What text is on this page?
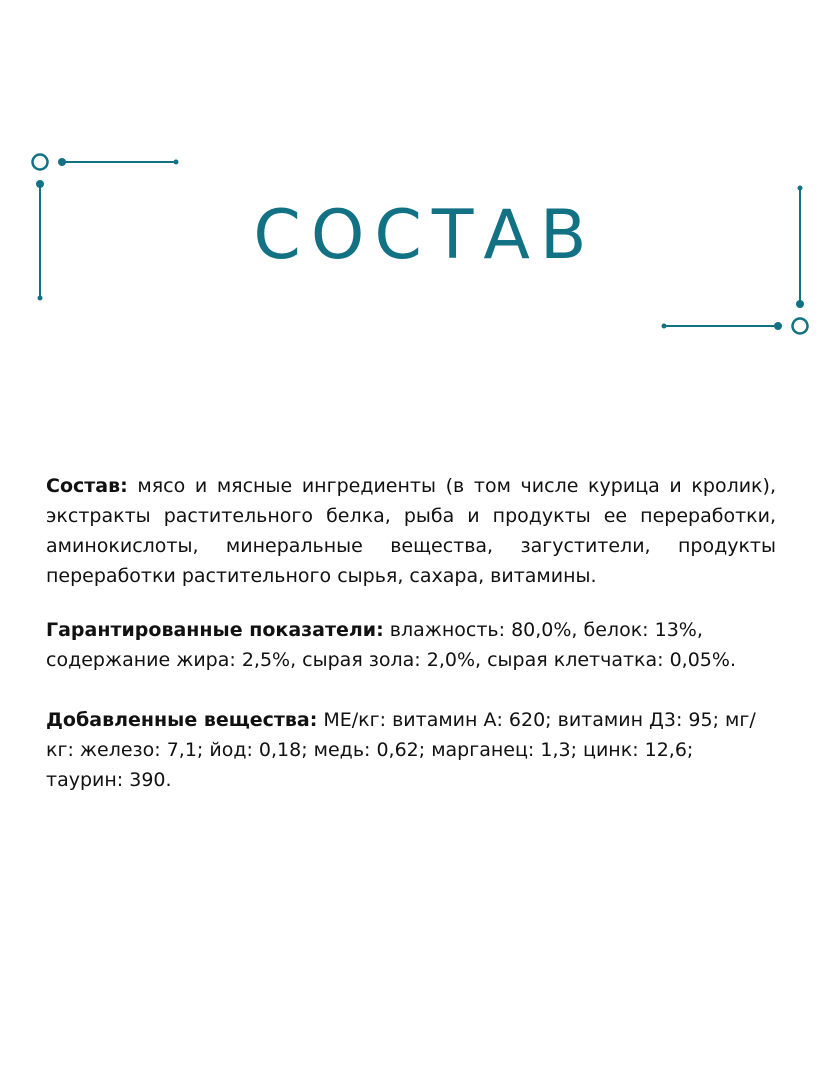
СОСТАВ

Состав: мясо и мясные ингредиенты (в том числе курица и кролик), экстракты растительного белка, рыба и продукты ее переработки, аминокислоты, минеральные вещества, загустители, продукты переработки растительного сырья, сахара, витамины.

Гарантированные показатели: влажность: 80,0%, белок: 13%, содержание жира: 2,5%, сырая зола: 2,0%, сырая клетчатка: 0,05%.

Добавленные вещества: МЕ/кг: витамин А: 620; витамин Д3: 95; мг/кг: железо: 7,1; йод: 0,18; медь: 0,62; марганец: 1,3; цинк: 12,6; таурин: 390.
